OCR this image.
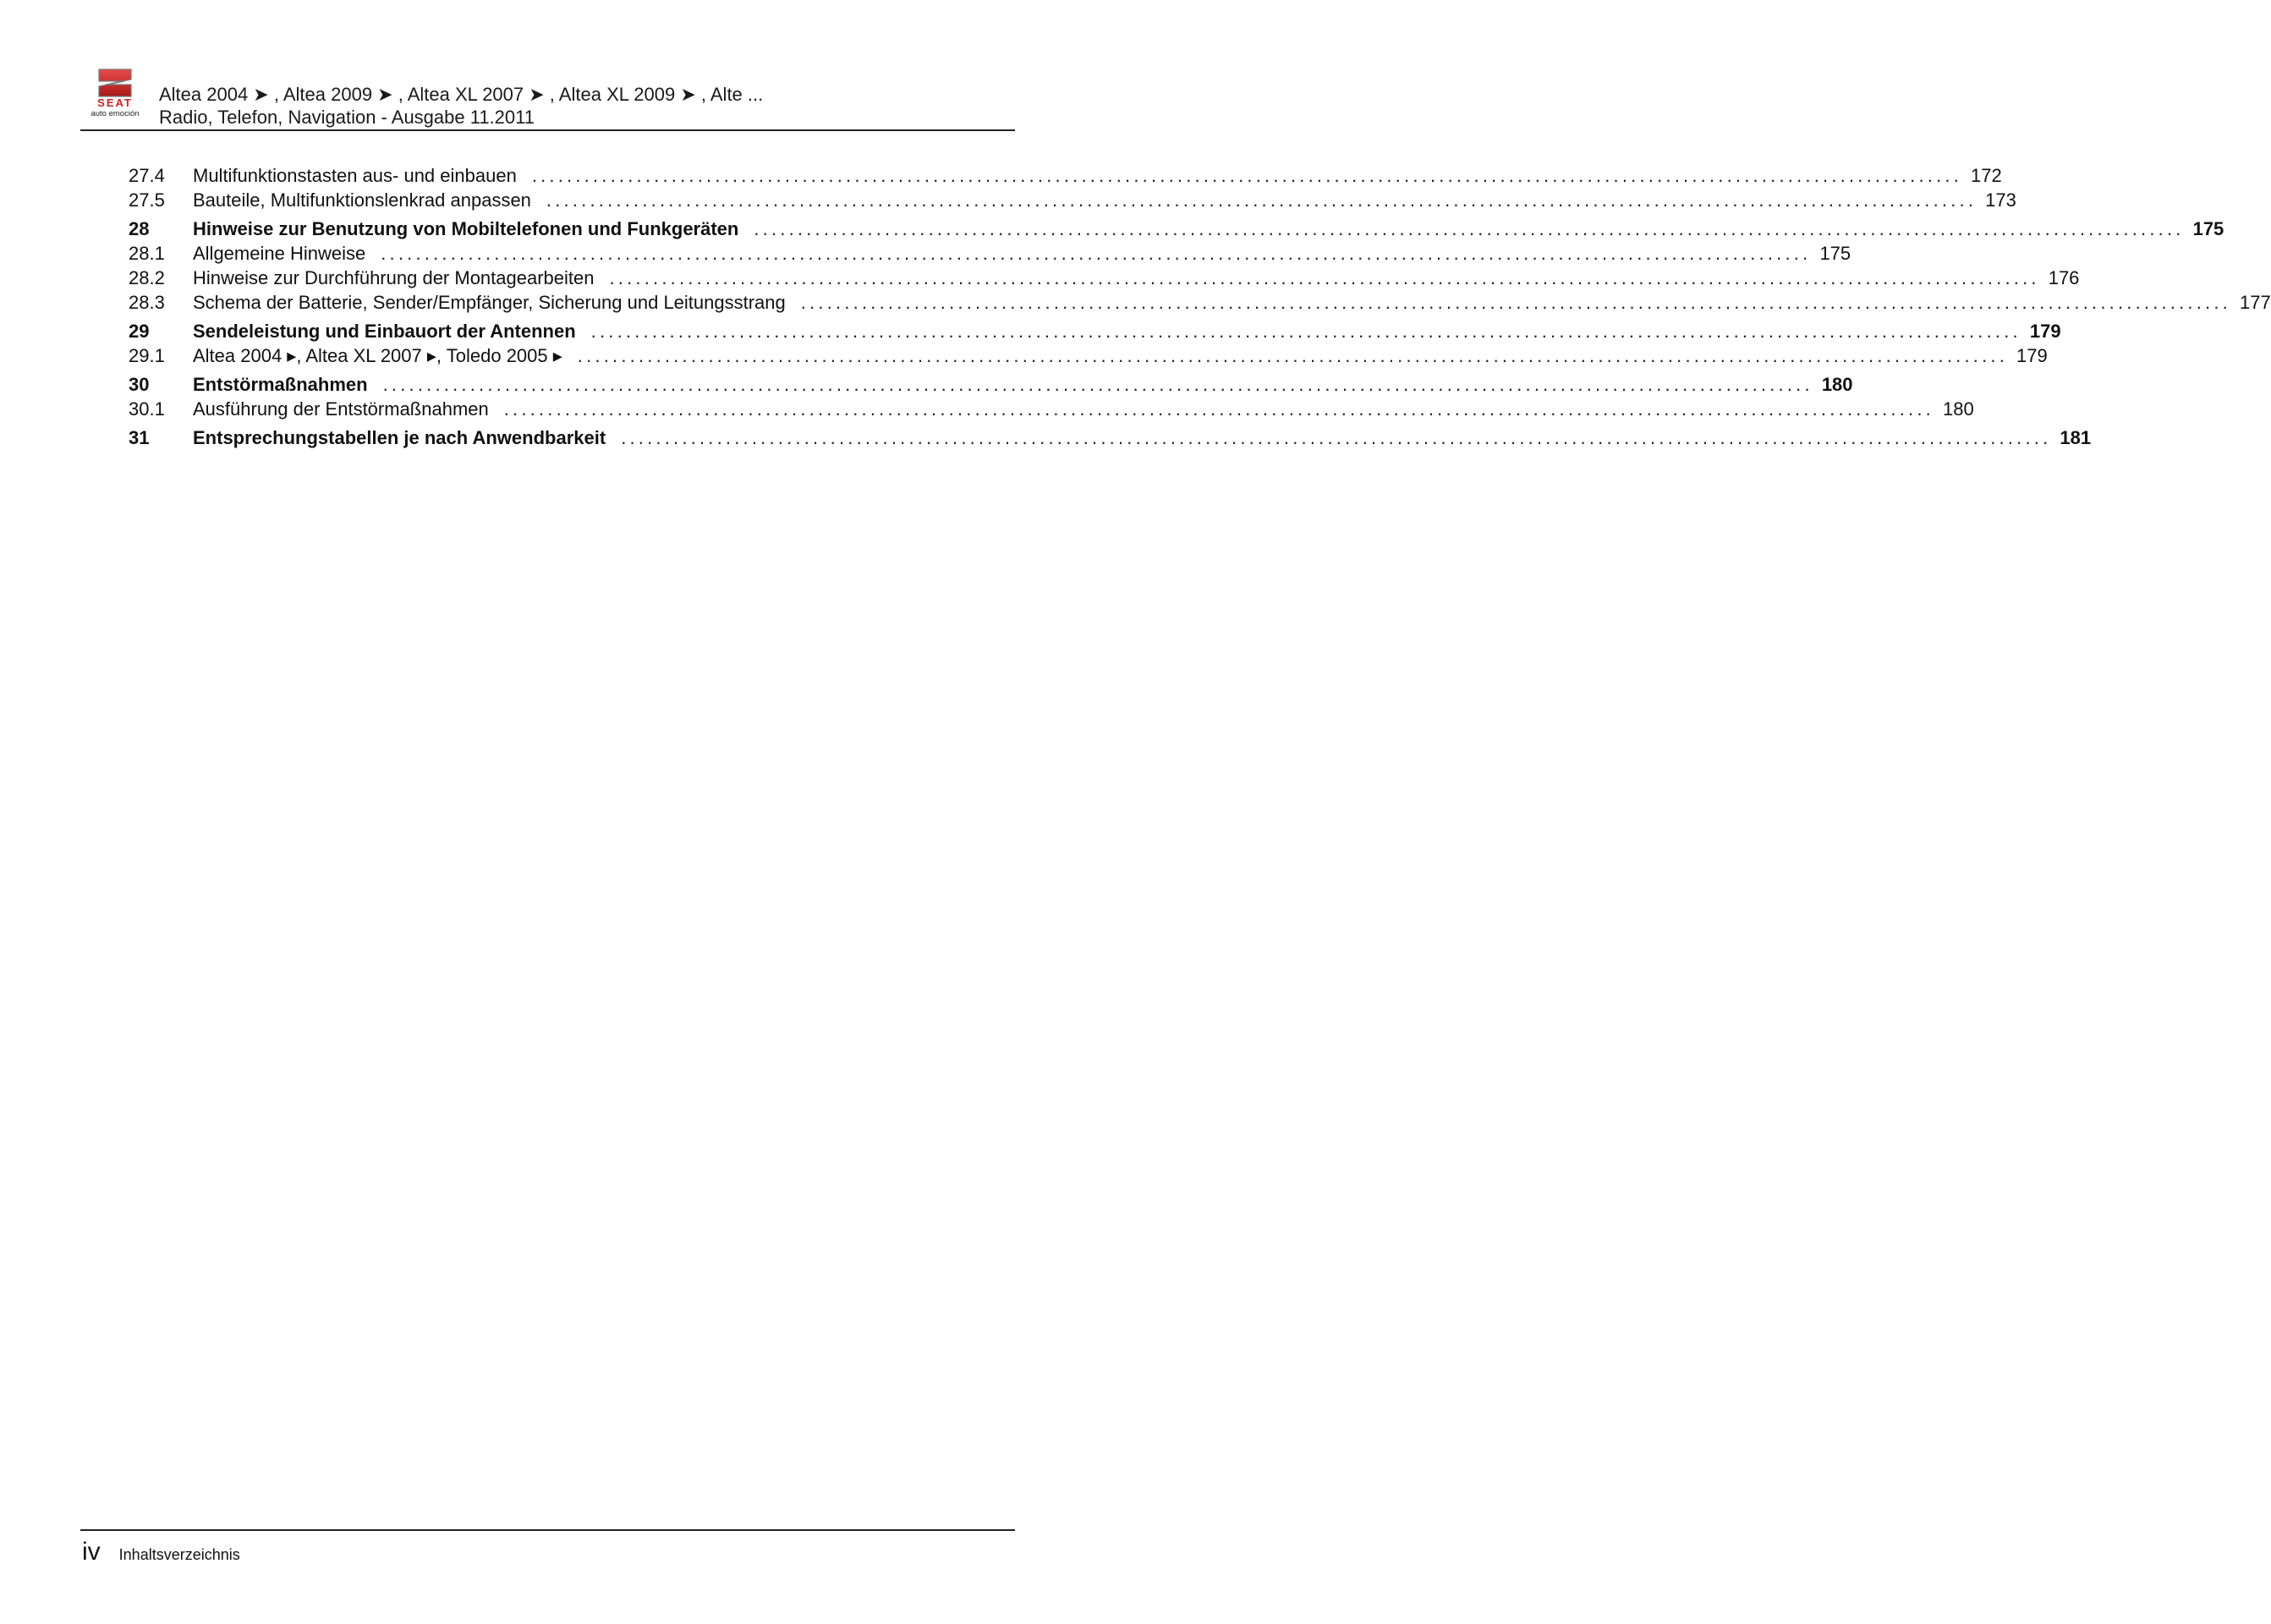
SEAT
auto emoción
Altea 2004 ➤ , Altea 2009 ➤ , Altea XL 2007 ➤ , Altea XL 2009 ➤ , Alte ...
Radio, Telefon, Navigation - Ausgabe 11.2011
27.4	Multifunktionstasten aus- und einbauen .....	172
27.5	Bauteile, Multifunktionslenkrad anpassen .....	173
28	Hinweise zur Benutzung von Mobiltelefonen und Funkgeräten .....	175
28.1	Allgemeine Hinweise .....	175
28.2	Hinweise zur Durchführung der Montagearbeiten .....	176
28.3	Schema der Batterie, Sender/Empfänger, Sicherung und Leitungsstrang .....	177
29	Sendeleistung und Einbauort der Antennen .....	179
29.1	Altea 2004 ▸, Altea XL 2007 ▸, Toledo 2005 ▸ .....	179
30	Entstörmaßnahmen .....	180
30.1	Ausführung der Entstörmaßnahmen .....	180
31	Entsprechungstabellen je nach Anwendbarkeit .....	181
iv Inhaltsverzeichnis
